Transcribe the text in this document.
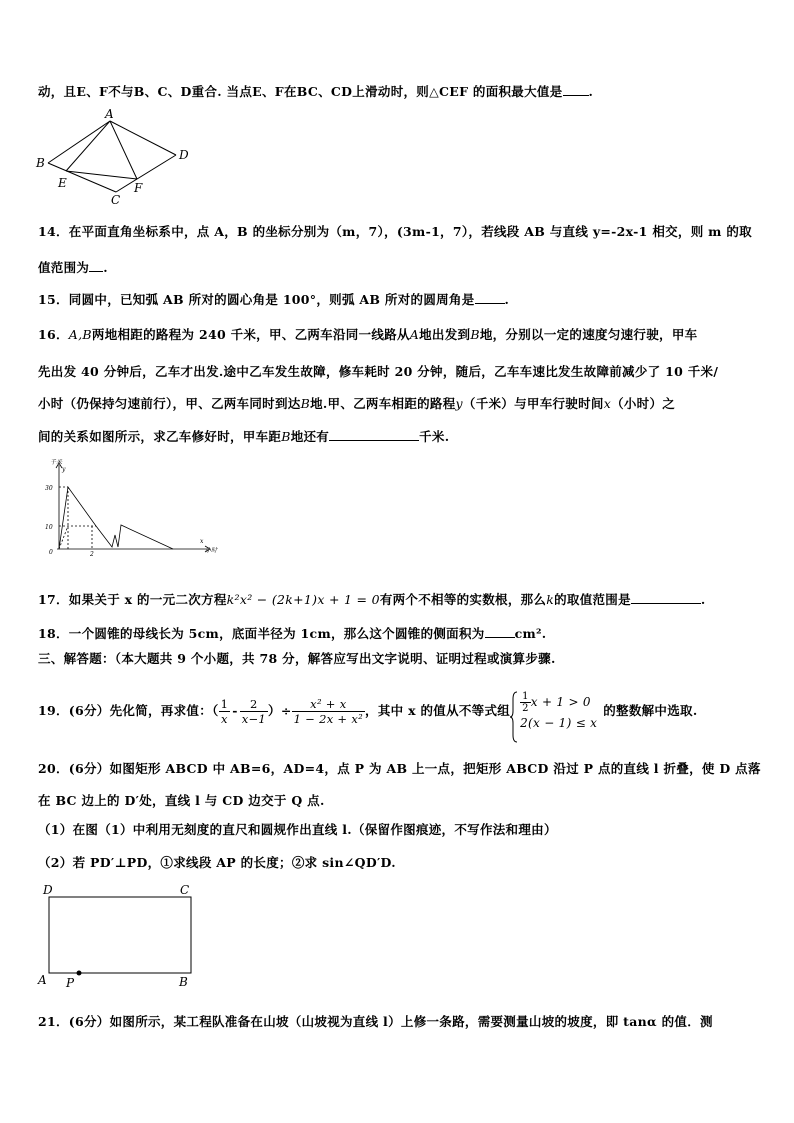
动，且E、F不与B、C、D重合. 当点E、F在BC、CD上滑动时，则△CEF 的面积最大值是 .
A
B
C
D
E	F
14．在平面直角坐标系中，点 A，B 的坐标分别为（m，7），(3m-1，7），若线段 AB 与直线 y=-2x-1 相交，则 m 的取
值范围为 .
15．同圆中，已知弧 AB 所对的圆心角是 100°，则弧 AB 所对的圆周角是 .
16．A,B两地相距的路程为 240 千米，甲、乙两车沿同一线路从A地出发到B地，分别以一定的速度匀速行驶，甲车
先出发 40 分钟后，乙车才出发.途中乙车发生故障，修车耗时 20 分钟，随后，乙车车速比发生故障前减少了 10 千米/
小时（仍保持匀速前行），甲、乙两车同时到达B地.甲、乙两车相距的路程y（千米）与甲车行驶时间x（小时）之
间的关系如图所示，求乙车修好时，甲车距B地还有	千米.
千米
y
30
10
0	2
x
小时
17．如果关于 x 的一元二次方程k²x² − (2k+1)x + 1 = 0有两个不相等的实数根，那么k的取值范围是	.
18．一个圆锥的母线长为 5cm，底面半径为 1cm，那么这个圆锥的侧面积为 cm².
三、解答题：（本大题共 9 个小题，共 78 分，解答应写出文字说明、证明过程或演算步骤.
19．(6分）先化简，再求值：（ $\frac{1}{x} - \frac{2}{x-1}$ ）÷ $\frac{\text{x² + x}}{\text{1 − 2x + x²}}$ ，其中 x 的值从不等式组 $\frac{1}{2}$ x + 1 > 0
2(x − 1) ≤ x
的整数解中选取.
20．(6分）如图矩形 ABCD 中 AB=6，AD=4，点 P 为 AB 上一点，把矩形 ABCD 沿过 P 点的直线 l 折叠，使 D 点落
在 BC 边上的 D′处，直线 l 与 CD 边交于 Q 点.
（1）在图（1）中利用无刻度的直尺和圆规作出直线 l.（保留作图痕迹，不写作法和理由）
（2）若 PD′⊥PD，①求线段 AP 的长度；②求 sin∠QD′D.
D	C
A	B
P
21．(6分）如图所示，某工程队准备在山坡（山坡视为直线 l）上修一条路，需要测量山坡的坡度，即 tanα 的值．测
